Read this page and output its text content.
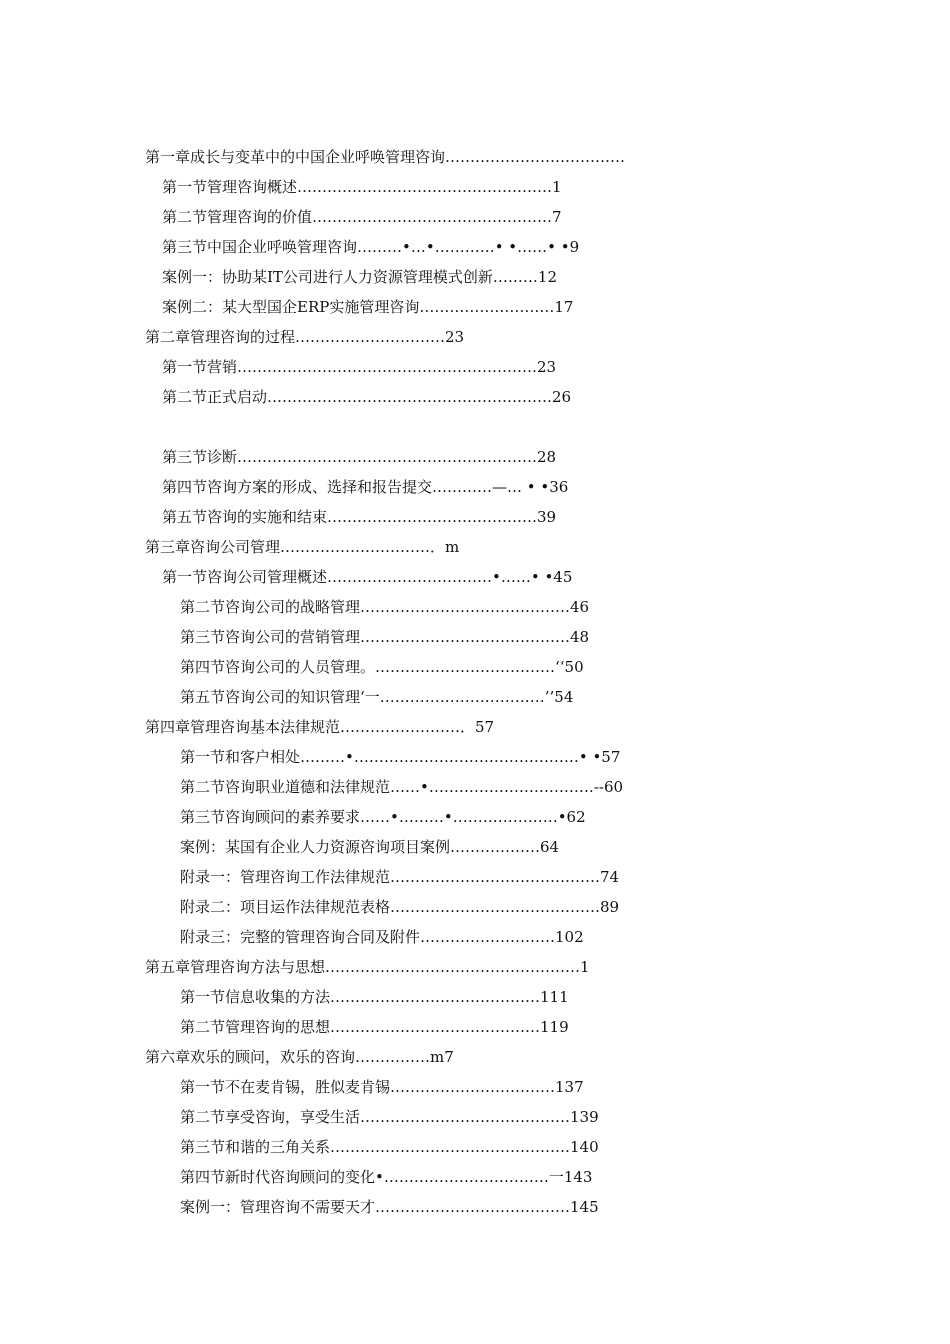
第一章成长与变革中的中国企业呼唤管理咨询………………………………
第一节管理咨询概述……………………………………………1
第二节管理咨询的价值…………………………………………7
第三节中国企业呼唤管理咨询………•…•…………• •……• •9
案例一：协助某IT公司进行人力资源管理模式创新………12
案例二：某大型国企ERP实施管理咨询………………………17
第二章管理咨询的过程…………………………23
第一节营销……………………………………………………23
第二节正式启动…………………………………………………26
第三节诊断……………………………………………………28
第四节咨询方案的形成、选择和报告提交…………—… • •36
第五节咨询的实施和结束……………………………………39
第三章咨询公司管理…………………………．m
第一节咨询公司管理概述……………………………•……• •45
第二节咨询公司的战略管理……………………………………46
第三节咨询公司的营销管理……………………………………48
第四节咨询公司的人员管理。………………………………‘‘50
第五节咨询公司的知识管理‘一……………………………’’54
第四章管理咨询基本法律规范……………………．57
第一节和客户相处………•………………………………………• •57
第二节咨询职业道德和法律规范……•……………………………--60
第三节咨询顾问的素养要求……•………•…………………•62
案例：某国有企业人力资源咨询项目案例………………64
附录一：管理咨询工作法律规范……………………………………74
附录二：项目运作法律规范表格……………………………………89
附录三：完整的管理咨询合同及附件………………………102
第五章管理咨询方法与思想……………………………………………1
第一节信息收集的方法……………………………………111
第二节管理咨询的思想……………………………………119
第六章欢乐的顾问，欢乐的咨询……………m7
第一节不在麦肯锡，胜似麦肯锡……………………………137
第二节享受咨询，享受生活……………………………………139
第三节和谐的三角关系…………………………………………140
第四节新时代咨询顾问的变化•……………………………一143
案例一：管理咨询不需要天才…………………………………145
